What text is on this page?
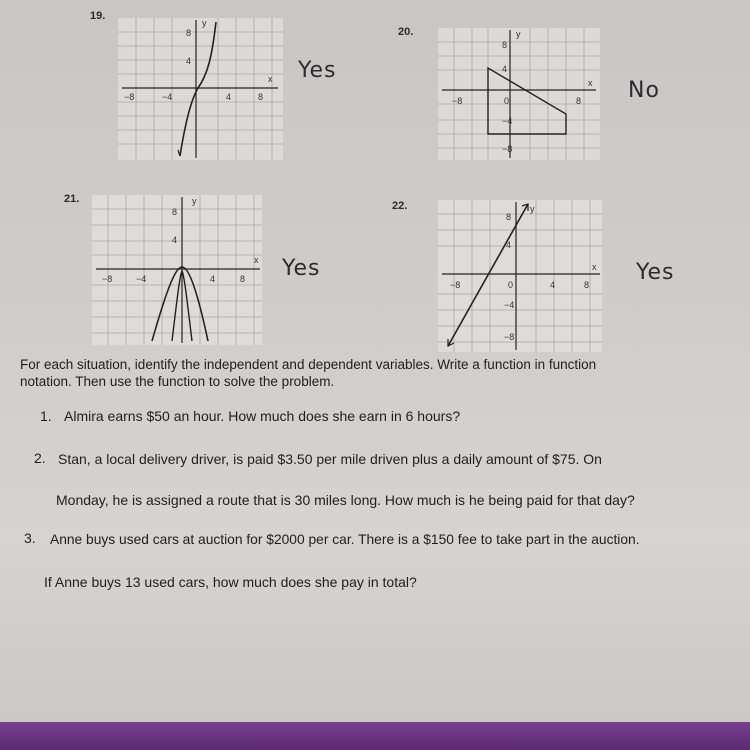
19.
y
x
8
4
−8	−4	4	8
Yes
20.	y
x
8
4
−8	0	8
−4
−8
No
21.	y
x
8
4
−8	−4	4	8 Yes
22.	y
x
8
4
−8	0	4	8
−4
−8
Yes
For each situation, identify the independent and dependent variables. Write a function in function
notation. Then use the function to solve the problem.
1. Almira earns $50 an hour. How much does she earn in 6 hours?
2. Stan, a local delivery driver, is paid $3.50 per mile driven plus a daily amount of $75. On
Monday, he is assigned a route that is 30 miles long. How much is he being paid for that day?
3. Anne buys used cars at auction for $2000 per car. There is a $150 fee to take part in the auction.
If Anne buys 13 used cars, how much does she pay in total?
